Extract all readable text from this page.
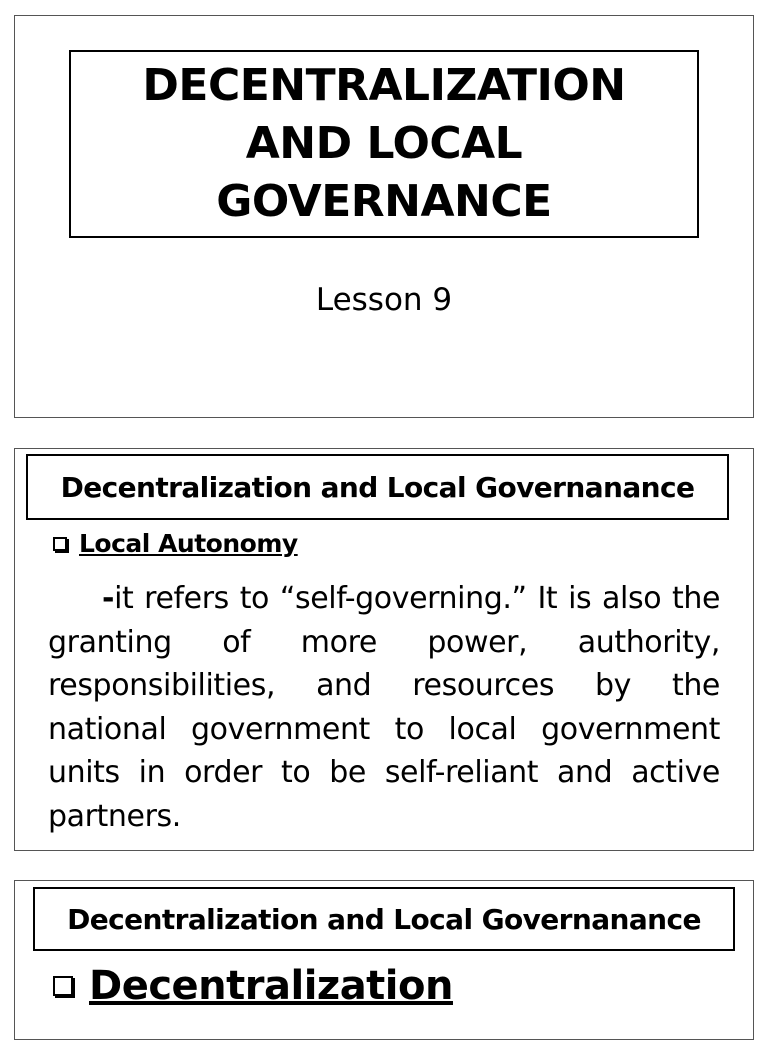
DECENTRALIZATION
AND LOCAL
GOVERNANCE
Lesson 9
Decentralization and Local Governanance
Local Autonomy

-it refers to “self-governing.” It is also the granting of more power, authority, responsibilities, and resources by the national government to local government units in order to be self-reliant and active partners.

Decentralization and Local Governanance
Decentralization
